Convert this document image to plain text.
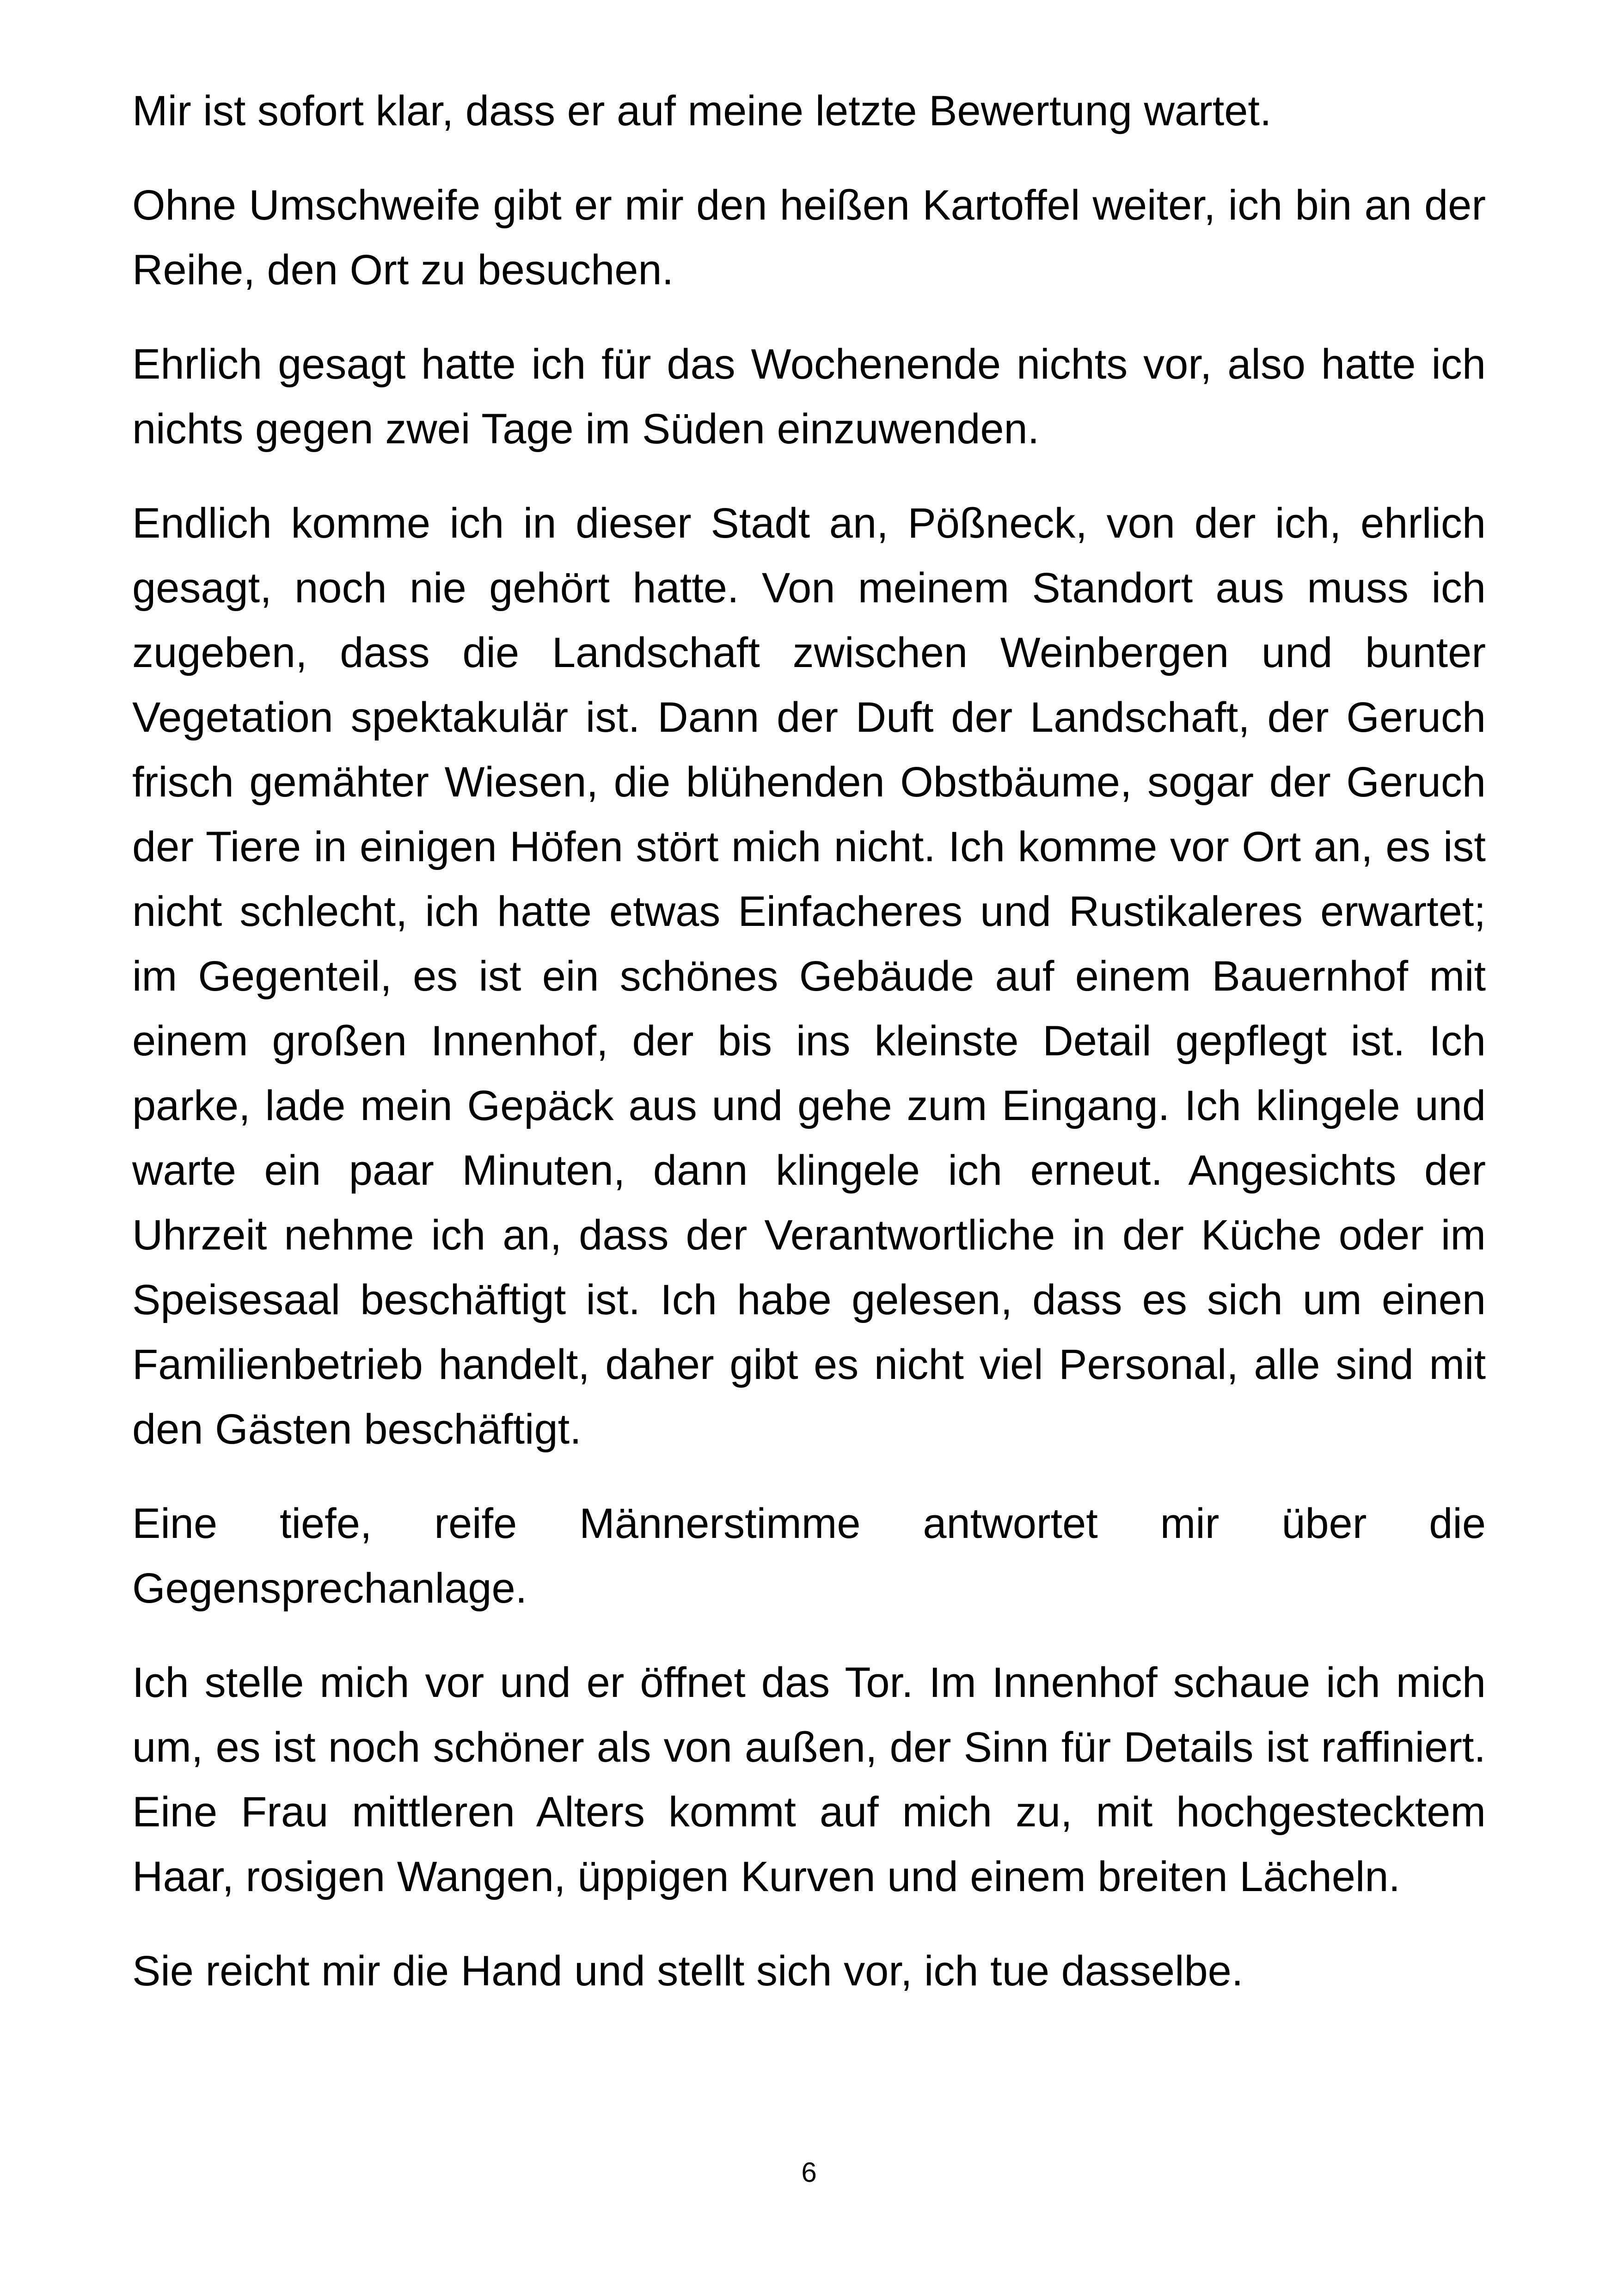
Mir ist sofort klar, dass er auf meine letzte Bewertung wartet.

Ohne Umschweife gibt er mir den heißen Kartoffel weiter, ich bin an der Reihe, den Ort zu besuchen.

Ehrlich gesagt hatte ich für das Wochenende nichts vor, also hatte ich nichts gegen zwei Tage im Süden einzuwenden.

Endlich komme ich in dieser Stadt an, Pößneck, von der ich, ehrlich gesagt, noch nie gehört hatte. Von meinem Standort aus muss ich zugeben, dass die Landschaft zwischen Weinbergen und bunter Vegetation spektakulär ist. Dann der Duft der Landschaft, der Geruch frisch gemähter Wiesen, die blühenden Obstbäume, sogar der Geruch der Tiere in einigen Höfen stört mich nicht. Ich komme vor Ort an, es ist nicht schlecht, ich hatte etwas Einfacheres und Rustikaleres erwartet; im Gegenteil, es ist ein schönes Gebäude auf einem Bauernhof mit einem großen Innenhof, der bis ins kleinste Detail gepflegt ist. Ich parke, lade mein Gepäck aus und gehe zum Eingang. Ich klingele und warte ein paar Minuten, dann klingele ich erneut. Angesichts der Uhrzeit nehme ich an, dass der Verantwortliche in der Küche oder im Speisesaal beschäftigt ist. Ich habe gelesen, dass es sich um einen Familienbetrieb handelt, daher gibt es nicht viel Personal, alle sind mit den Gästen beschäftigt.

Eine tiefe, reife Männerstimme antwortet mir über die Gegensprechanlage.

Ich stelle mich vor und er öffnet das Tor. Im Innenhof schaue ich mich um, es ist noch schöner als von außen, der Sinn für Details ist raffiniert. Eine Frau mittleren Alters kommt auf mich zu, mit hochgestecktem Haar, rosigen Wangen, üppigen Kurven und einem breiten Lächeln.

Sie reicht mir die Hand und stellt sich vor, ich tue dasselbe.

6
